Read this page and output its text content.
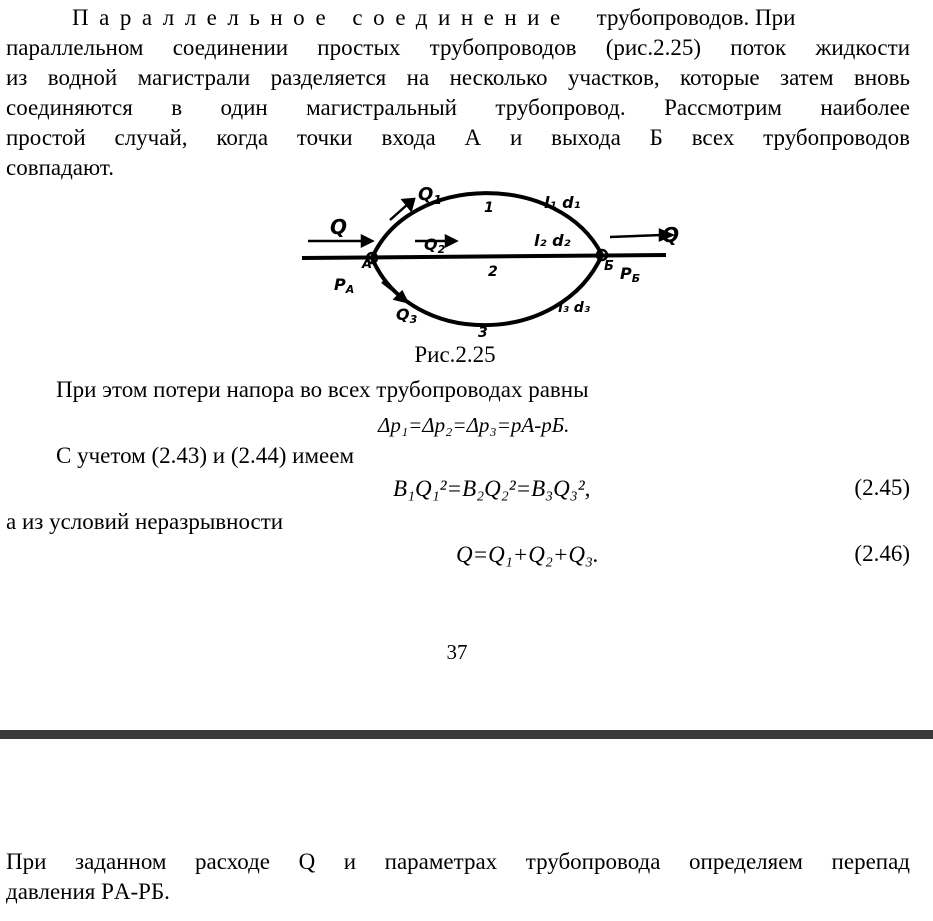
Параллельное соединение трубопроводов. При
параллельном соединении простых трубопроводов (рис.2.25) поток жидкости
из водной магистрали разделяется на несколько участков, которые затем вновь
соединяются в один магистральный трубопровод. Рассмотрим наиболее
простой случай, когда точки входа А и выхода Б всех трубопроводов
совпадают.
Q	Q
$Q_1$
Q2
Q3
PА
PБ
А	Б
1
2
3
l₁ d₁
l₂ d₂
l₃ d₃
Рис.2.25
При этом потери напора во всех трубопроводах равны
Δp₁=Δp₂=Δp₃=pА-pБ.
С учетом (2.43) и (2.44) имеем
B₁Q₁²=B₂Q₂²=B₃Q₃²,	(2.45)
а из условий неразрывности
Q=Q₁+Q₂+Q₃.	(2.46)
37
При заданном расходе Q и параметрах трубопровода определяем перепад
давления PА-PБ.
